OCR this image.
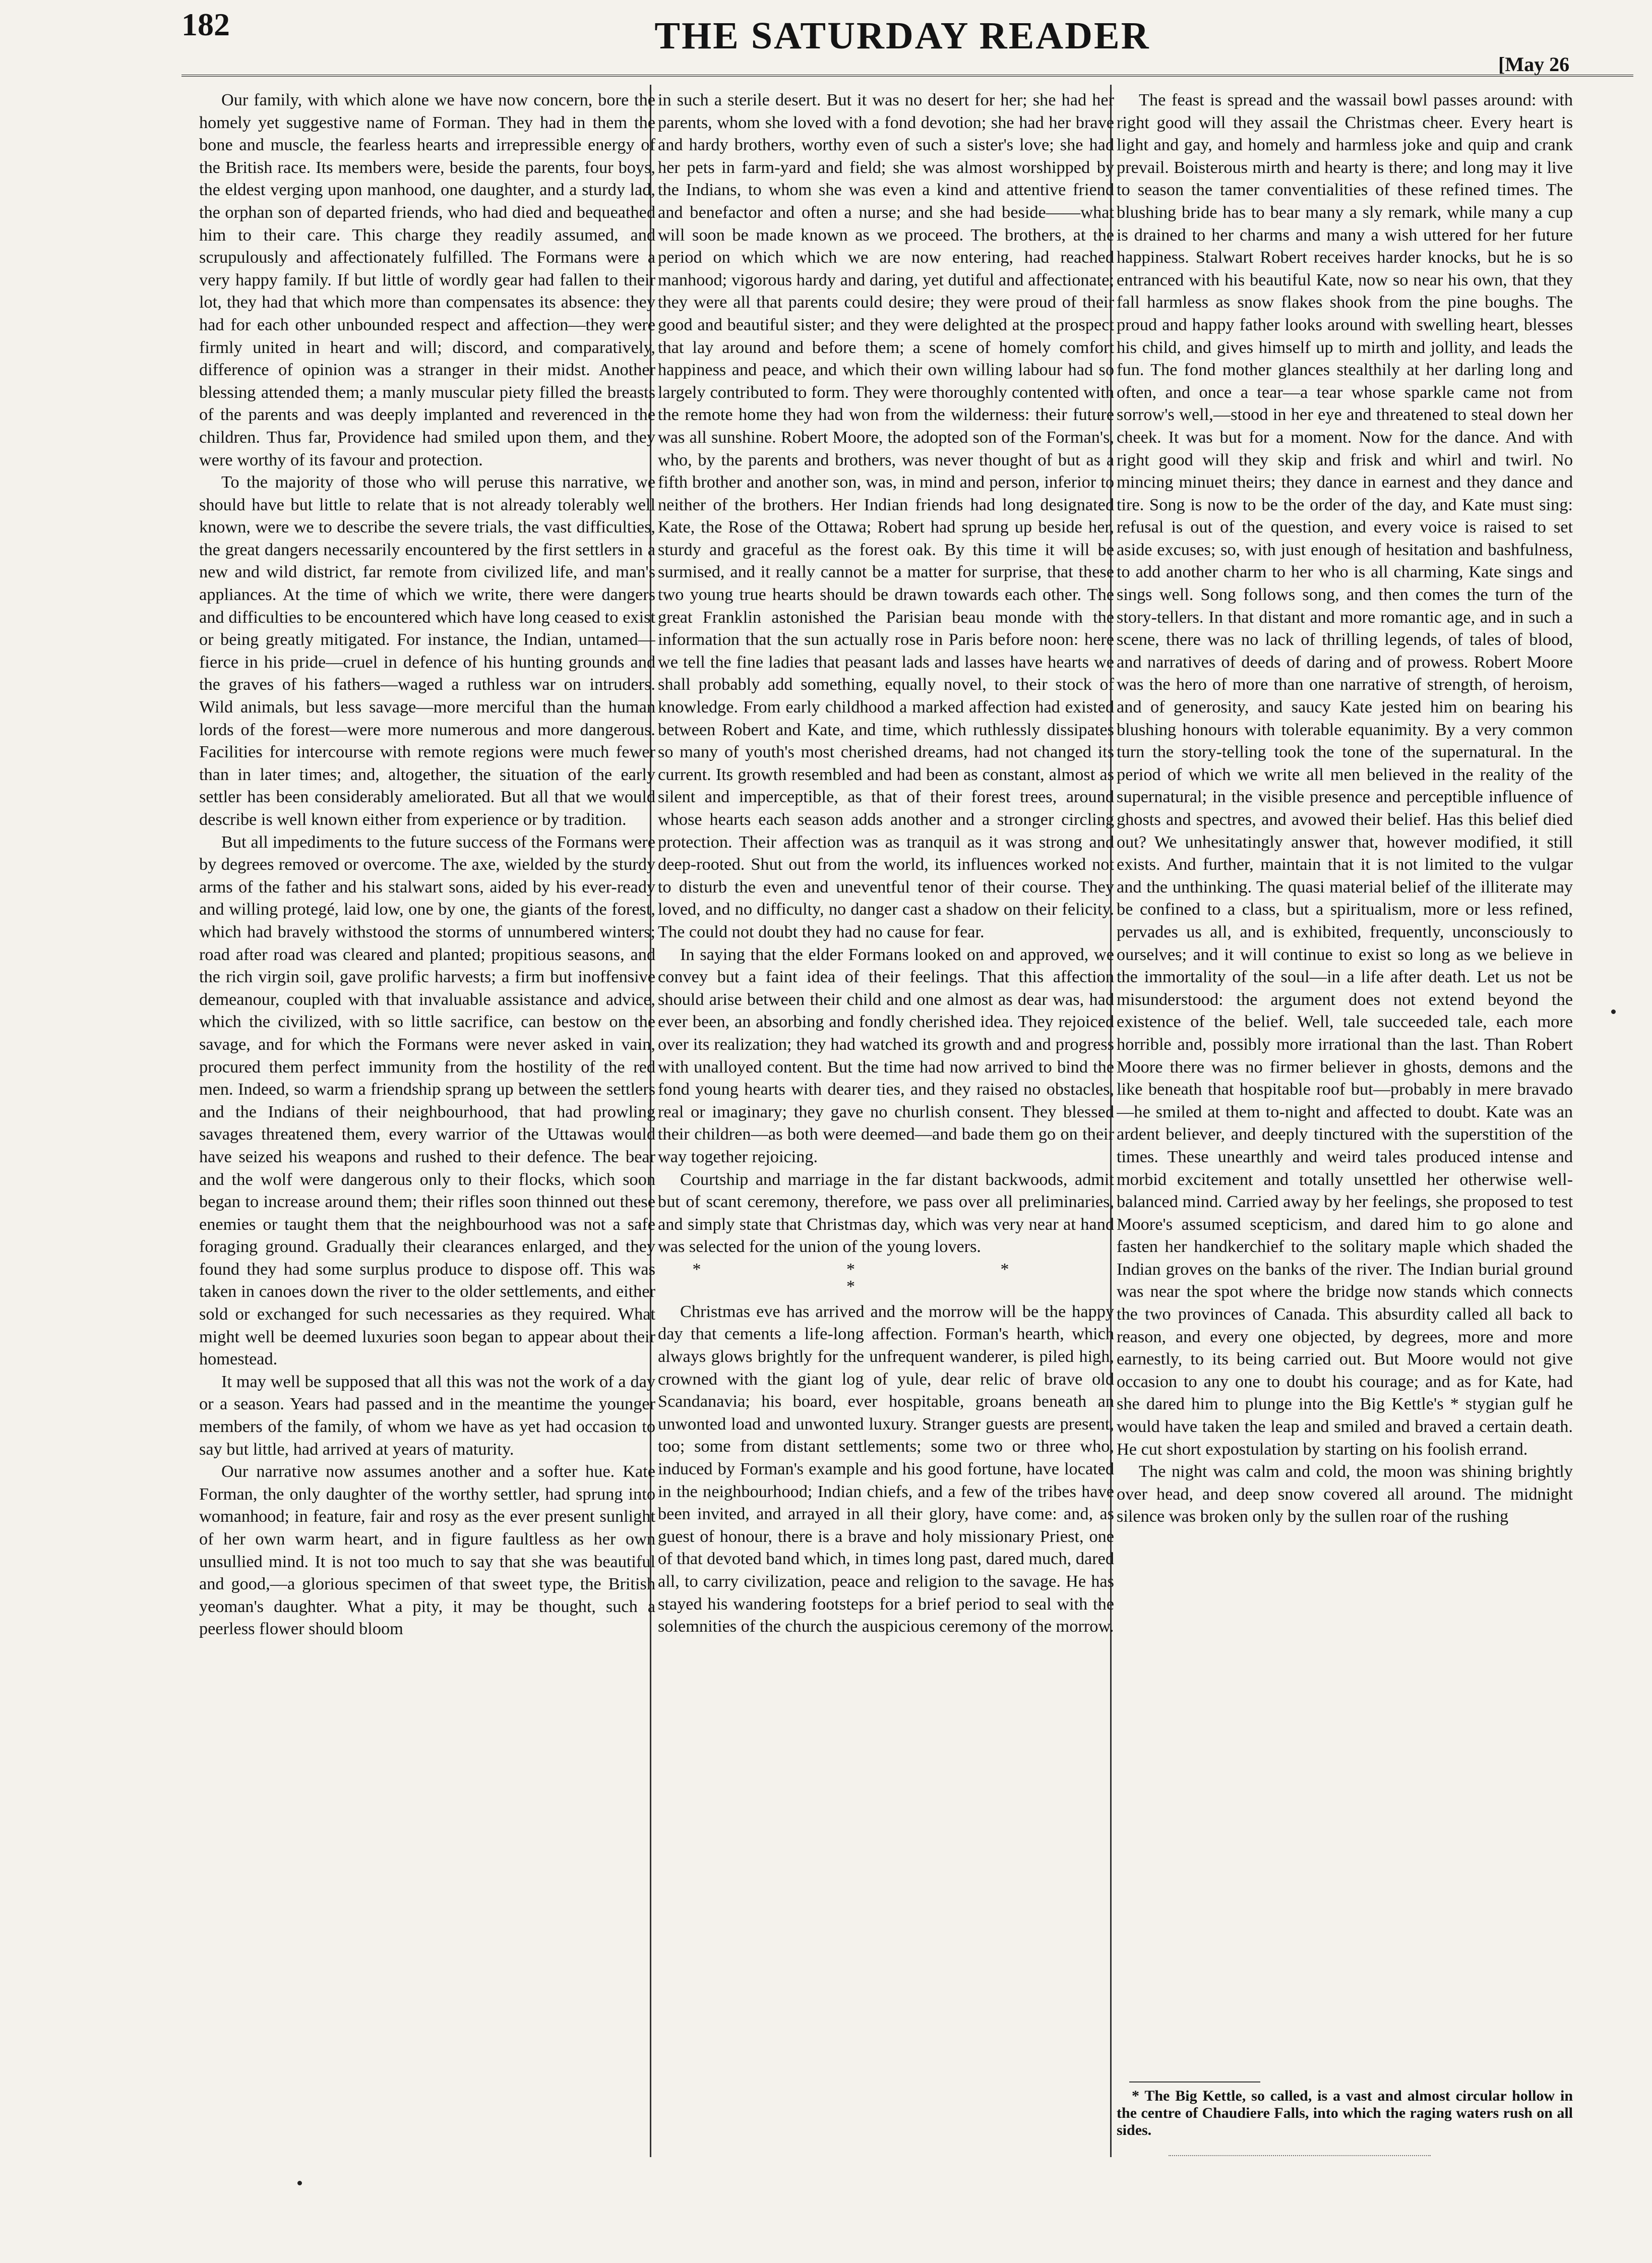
182	THE SATURDAY READER
[May 26

Our family, with which alone we have now concern, bore the homely yet suggestive name of Forman. They had in them the bone and muscle, the fearless hearts and irrepressible energy of the British race. Its members were, beside the parents, four boys, the eldest verging upon manhood, one daughter, and a sturdy lad, the orphan son of departed friends, who had died and bequeathed him to their care. This charge they readily assumed, and scrupulously and affectionately fulfilled. The Formans were a very happy family. If but little of wordly gear had fallen to their lot, they had that which more than compensates its absence: they had for each other unbounded respect and affection—they were firmly united in heart and will; discord, and comparatively, difference of opinion was a stranger in their midst. Another blessing attended them; a manly muscular piety filled the breasts of the parents and was deeply implanted and reverenced in the children. Thus far, Providence had smiled upon them, and they were worthy of its favour and protection.

To the majority of those who will peruse this narrative, we should have but little to relate that is not already tolerably well known, were we to describe the severe trials, the vast difficulties, the great dangers necessarily encountered by the first settlers in a new and wild district, far remote from civilized life, and man's appliances. At the time of which we write, there were dangers and difficulties to be encountered which have long ceased to exist or being greatly mitigated. For instance, the Indian, untamed—fierce in his pride—cruel in defence of his hunting grounds and the graves of his fathers—waged a ruthless war on intruders. Wild animals, but less savage—more merciful than the human lords of the forest—were more numerous and more dangerous. Facilities for intercourse with remote regions were much fewer than in later times; and, altogether, the situation of the early settler has been considerably ameliorated. But all that we would describe is well known either from experience or by tradition.

But all impediments to the future success of the Formans were by degrees removed or overcome. The axe, wielded by the sturdy arms of the father and his stalwart sons, aided by his ever-ready and willing protegé, laid low, one by one, the giants of the forest, which had bravely withstood the storms of unnumbered winters; road after road was cleared and planted; propitious seasons, and the rich virgin soil, gave prolific harvests; a firm but inoffensive demeanour, coupled with that invaluable assistance and advice, which the civilized, with so little sacrifice, can bestow on the savage, and for which the Formans were never asked in vain, procured them perfect immunity from the hostility of the red men. Indeed, so warm a friendship sprang up between the settlers and the Indians of their neighbourhood, that had prowling savages threatened them, every warrior of the Uttawas would have seized his weapons and rushed to their defence. The bear and the wolf were dangerous only to their flocks, which soon began to increase around them; their rifles soon thinned out these enemies or taught them that the neighbourhood was not a safe foraging ground. Gradually their clearances enlarged, and they found they had some surplus produce to dispose off. This was taken in canoes down the river to the older settlements, and either sold or exchanged for such necessaries as they required. What might well be deemed luxuries soon began to appear about their homestead.

It may well be supposed that all this was not the work of a day or a season. Years had passed and in the meantime the younger members of the family, of whom we have as yet had occasion to say but little, had arrived at years of maturity.

Our narrative now assumes another and a softer hue. Kate Forman, the only daughter of the worthy settler, had sprung into womanhood; in feature, fair and rosy as the ever present sunlight of her own warm heart, and in figure faultless as her own unsullied mind. It is not too much to say that she was beautiful and good,—a glorious specimen of that sweet type, the British yeoman's daughter. What a pity, it may be thought, such a peerless flower should bloom

in such a sterile desert. But it was no desert for her; she had her parents, whom she loved with a fond devotion; she had her brave and hardy brothers, worthy even of such a sister's love; she had her pets in farm-yard and field; she was almost worshipped by the Indians, to whom she was even a kind and attentive friend and benefactor and often a nurse; and she had beside——what will soon be made known as we proceed. The brothers, at the period on which which we are now entering, had reached manhood; vigorous hardy and daring, yet dutiful and affectionate; they were all that parents could desire; they were proud of their good and beautiful sister; and they were delighted at the prospect that lay around and before them; a scene of homely comfort happiness and peace, and which their own willing labour had so largely contributed to form. They were thoroughly contented with the remote home they had won from the wilderness: their future was all sunshine. Robert Moore, the adopted son of the Forman's, who, by the parents and brothers, was never thought of but as a fifth brother and another son, was, in mind and person, inferior to neither of the brothers. Her Indian friends had long designated Kate, the Rose of the Ottawa; Robert had sprung up beside her, sturdy and graceful as the forest oak. By this time it will be surmised, and it really cannot be a matter for surprise, that these two young true hearts should be drawn towards each other. The great Franklin astonished the Parisian beau monde with the information that the sun actually rose in Paris before noon: here we tell the fine ladies that peasant lads and lasses have hearts we shall probably add something, equally novel, to their stock of knowledge. From early childhood a marked affection had existed between Robert and Kate, and time, which ruthlessly dissipates so many of youth's most cherished dreams, had not changed its current. Its growth resembled and had been as constant, almost as silent and imperceptible, as that of their forest trees, around whose hearts each season adds another and a stronger circling protection. Their affection was as tranquil as it was strong and deep-rooted. Shut out from the world, its influences worked not to disturb the even and uneventful tenor of their course. They loved, and no difficulty, no danger cast a shadow on their felicity. The could not doubt they had no cause for fear.

In saying that the elder Formans looked on and approved, we convey but a faint idea of their feelings. That this affection should arise between their child and one almost as dear was, had ever been, an absorbing and fondly cherished idea. They rejoiced over its realization; they had watched its growth and and progress with unalloyed content. But the time had now arrived to bind the fond young hearts with dearer ties, and they raised no obstacles, real or imaginary; they gave no churlish consent. They blessed their children—as both were deemed—and bade them go on their way together rejoicing.

Courtship and marriage in the far distant backwoods, admit but of scant ceremony, therefore, we pass over all preliminaries, and simply state that Christmas day, which was very near at hand was selected for the union of the young lovers.

* * * *

Christmas eve has arrived and the morrow will be the happy day that cements a life-long affection. Forman's hearth, which always glows brightly for the unfrequent wanderer, is piled high, crowned with the giant log of yule, dear relic of brave old Scandanavia; his board, ever hospitable, groans beneath an unwonted load and unwonted luxury. Stranger guests are present, too; some from distant settlements; some two or three who, induced by Forman's example and his good fortune, have located in the neighbourhood; Indian chiefs, and a few of the tribes have been invited, and arrayed in all their glory, have come: and, as guest of honour, there is a brave and holy missionary Priest, one of that devoted band which, in times long past, dared much, dared all, to carry civilization, peace and religion to the savage. He has stayed his wandering footsteps for a brief period to seal with the solemnities of the church the auspicious ceremony of the morrow.

The feast is spread and the wassail bowl passes around: with right good will they assail the Christmas cheer. Every heart is light and gay, and homely and harmless joke and quip and crank prevail. Boisterous mirth and hearty is there; and long may it live to season the tamer conventialities of these refined times. The blushing bride has to bear many a sly remark, while many a cup is drained to her charms and many a wish uttered for her future happiness. Stalwart Robert receives harder knocks, but he is so entranced with his beautiful Kate, now so near his own, that they fall harmless as snow flakes shook from the pine boughs. The proud and happy father looks around with swelling heart, blesses his child, and gives himself up to mirth and jollity, and leads the fun. The fond mother glances stealthily at her darling long and often, and once a tear—a tear whose sparkle came not from sorrow's well,—stood in her eye and threatened to steal down her cheek. It was but for a moment. Now for the dance. And with right good will they skip and frisk and whirl and twirl. No mincing minuet theirs; they dance in earnest and they dance and tire. Song is now to be the order of the day, and Kate must sing: refusal is out of the question, and every voice is raised to set aside excuses; so, with just enough of hesitation and bashfulness, to add another charm to her who is all charming, Kate sings and sings well. Song follows song, and then comes the turn of the story-tellers. In that distant and more romantic age, and in such a scene, there was no lack of thrilling legends, of tales of blood, and narratives of deeds of daring and of prowess. Robert Moore was the hero of more than one narrative of strength, of heroism, and of generosity, and saucy Kate jested him on bearing his blushing honours with tolerable equanimity. By a very common turn the story-telling took the tone of the supernatural. In the period of which we write all men believed in the reality of the supernatural; in the visible presence and perceptible influence of ghosts and spectres, and avowed their belief. Has this belief died out? We unhesitatingly answer that, however modified, it still exists. And further, maintain that it is not limited to the vulgar and the unthinking. The quasi material belief of the illiterate may be confined to a class, but a spiritualism, more or less refined, pervades us all, and is exhibited, frequently, unconsciously to ourselves; and it will continue to exist so long as we believe in the immortality of the soul—in a life after death. Let us not be misunderstood: the argument does not extend beyond the existence of the belief. Well, tale succeeded tale, each more horrible and, possibly more irrational than the last. Than Robert Moore there was no firmer believer in ghosts, demons and the like beneath that hospitable roof but—probably in mere bravado—he smiled at them to-night and affected to doubt. Kate was an ardent believer, and deeply tinctured with the superstition of the times. These unearthly and weird tales produced intense and morbid excitement and totally unsettled her otherwise well-balanced mind. Carried away by her feelings, she proposed to test Moore's assumed scepticism, and dared him to go alone and fasten her handkerchief to the solitary maple which shaded the Indian groves on the banks of the river. The Indian burial ground was near the spot where the bridge now stands which connects the two provinces of Canada. This absurdity called all back to reason, and every one objected, by degrees, more and more earnestly, to its being carried out. But Moore would not give occasion to any one to doubt his courage; and as for Kate, had she dared him to plunge into the Big Kettle's * stygian gulf he would have taken the leap and smiled and braved a certain death. He cut short expostulation by starting on his foolish errand.

The night was calm and cold, the moon was shining brightly over head, and deep snow covered all around. The midnight silence was broken only by the sullen roar of the rushing

* The Big Kettle, so called, is a vast and almost circular hollow in the centre of Chaudiere Falls, into which the raging waters rush on all sides.
